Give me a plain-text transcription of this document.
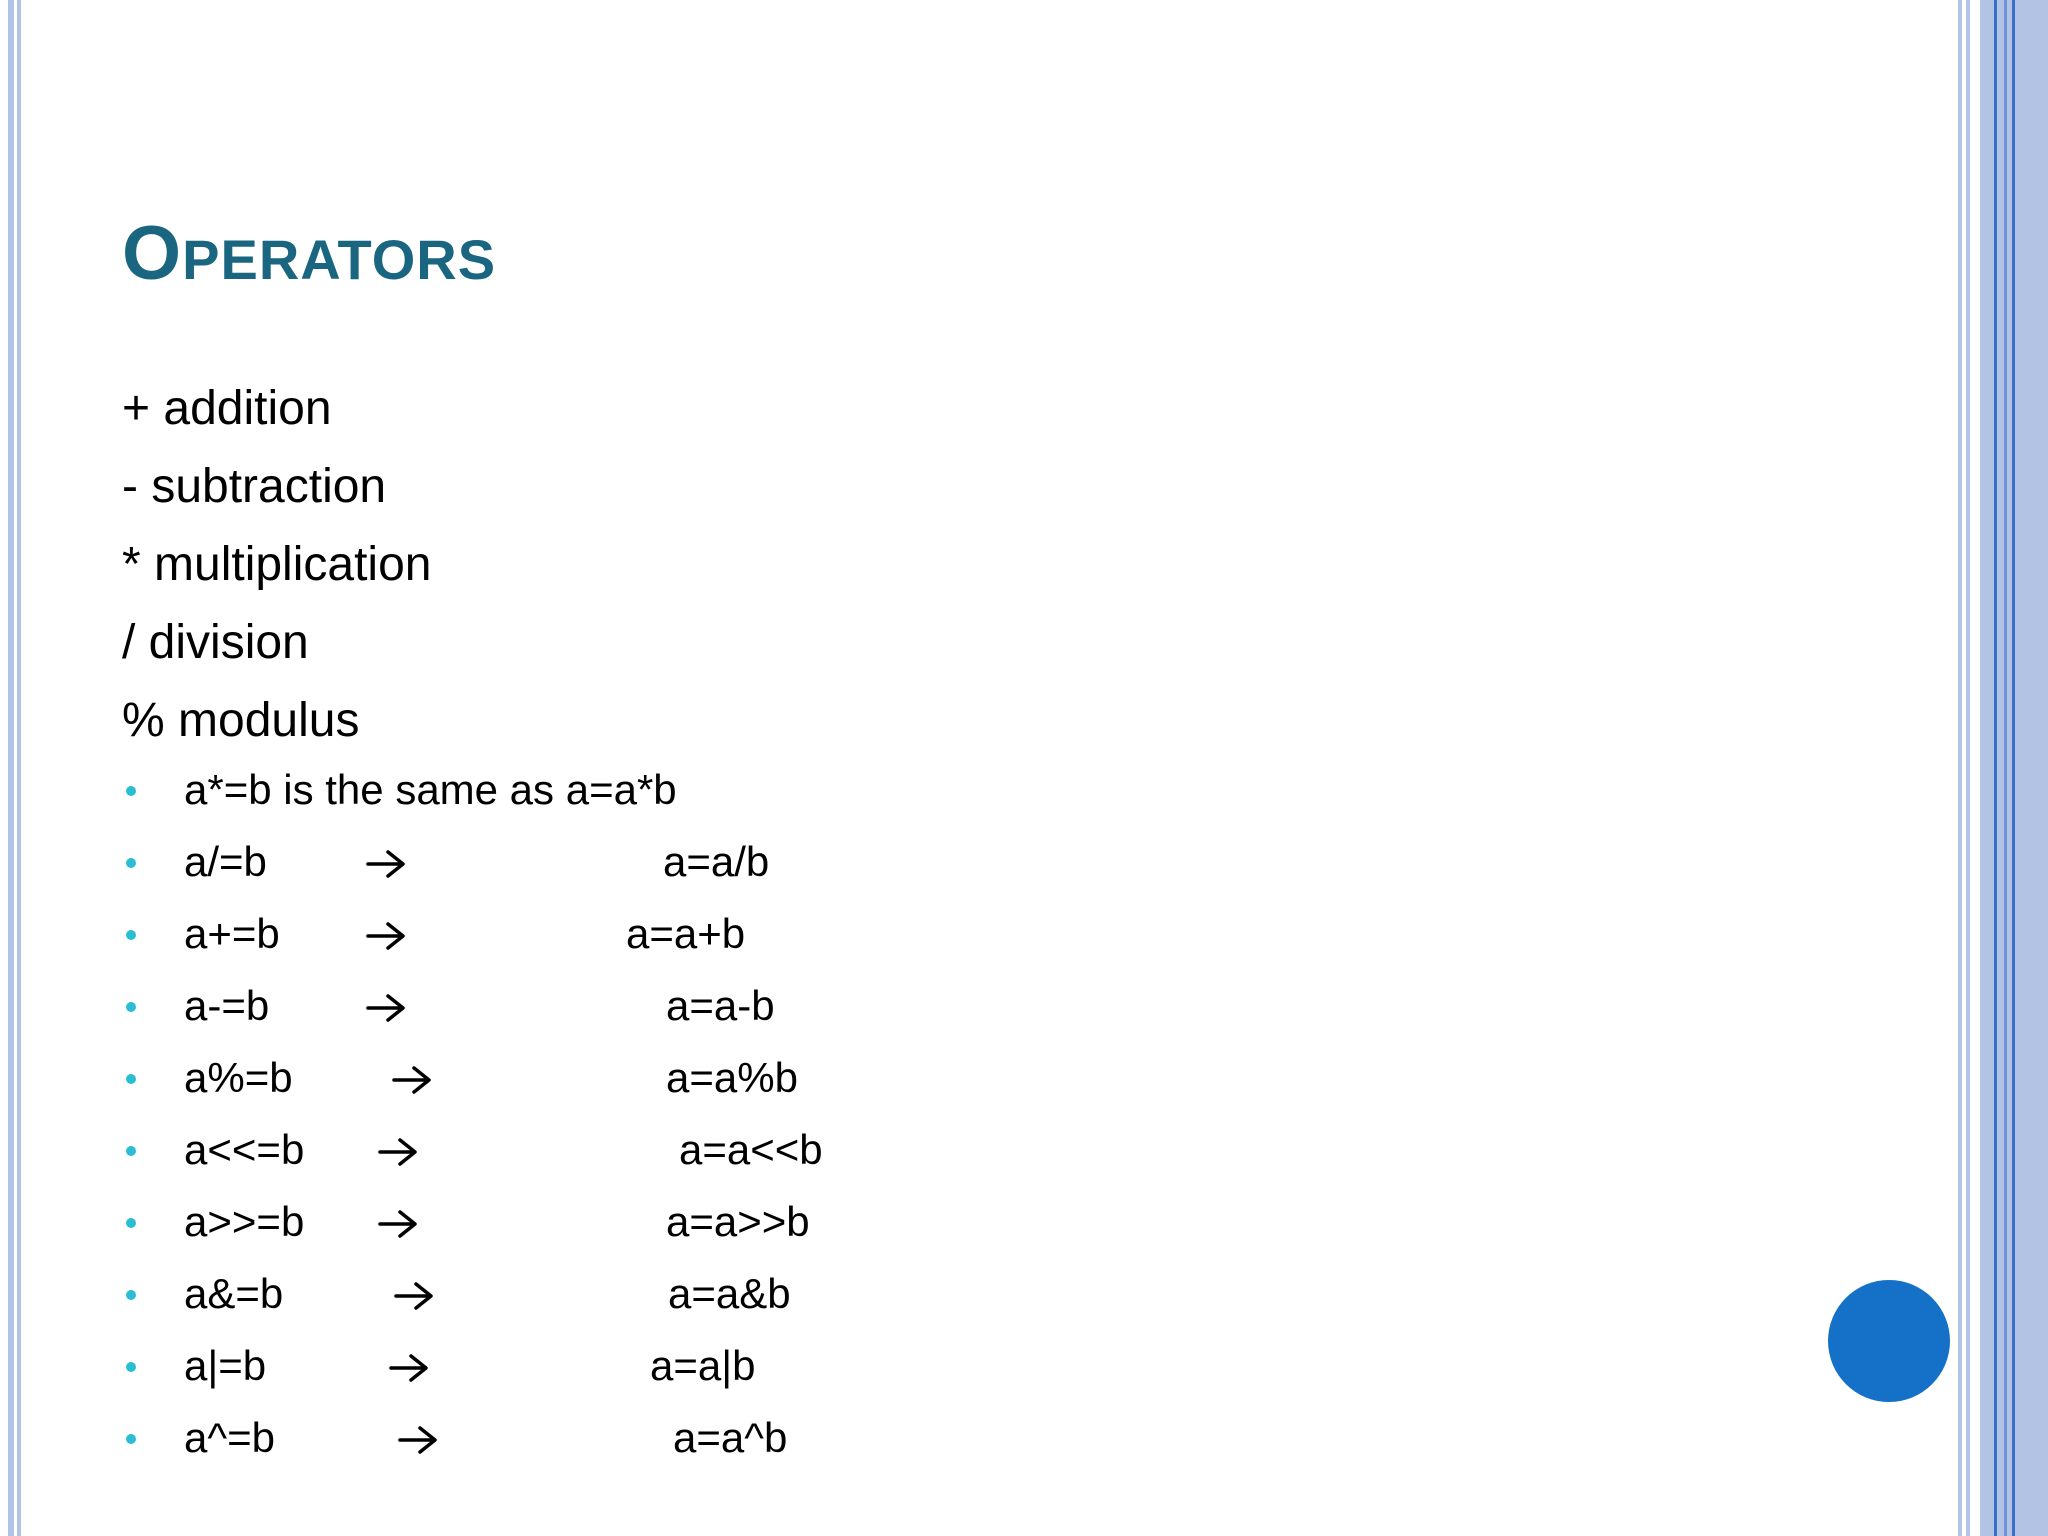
OPERATORS
+ addition
- subtraction
* multiplication
/ division
% modulus
a*=b is the same as a=a*b
a/=b	a=a/b
a+=b	a=a+b
a-=b	a=a-b
a%=b	a=a%b
a<<=b	a=a<<b
a>>=b	a=a>>b
a&=b	a=a&b
a|=b	a=a|b
a^=b	a=a^b
